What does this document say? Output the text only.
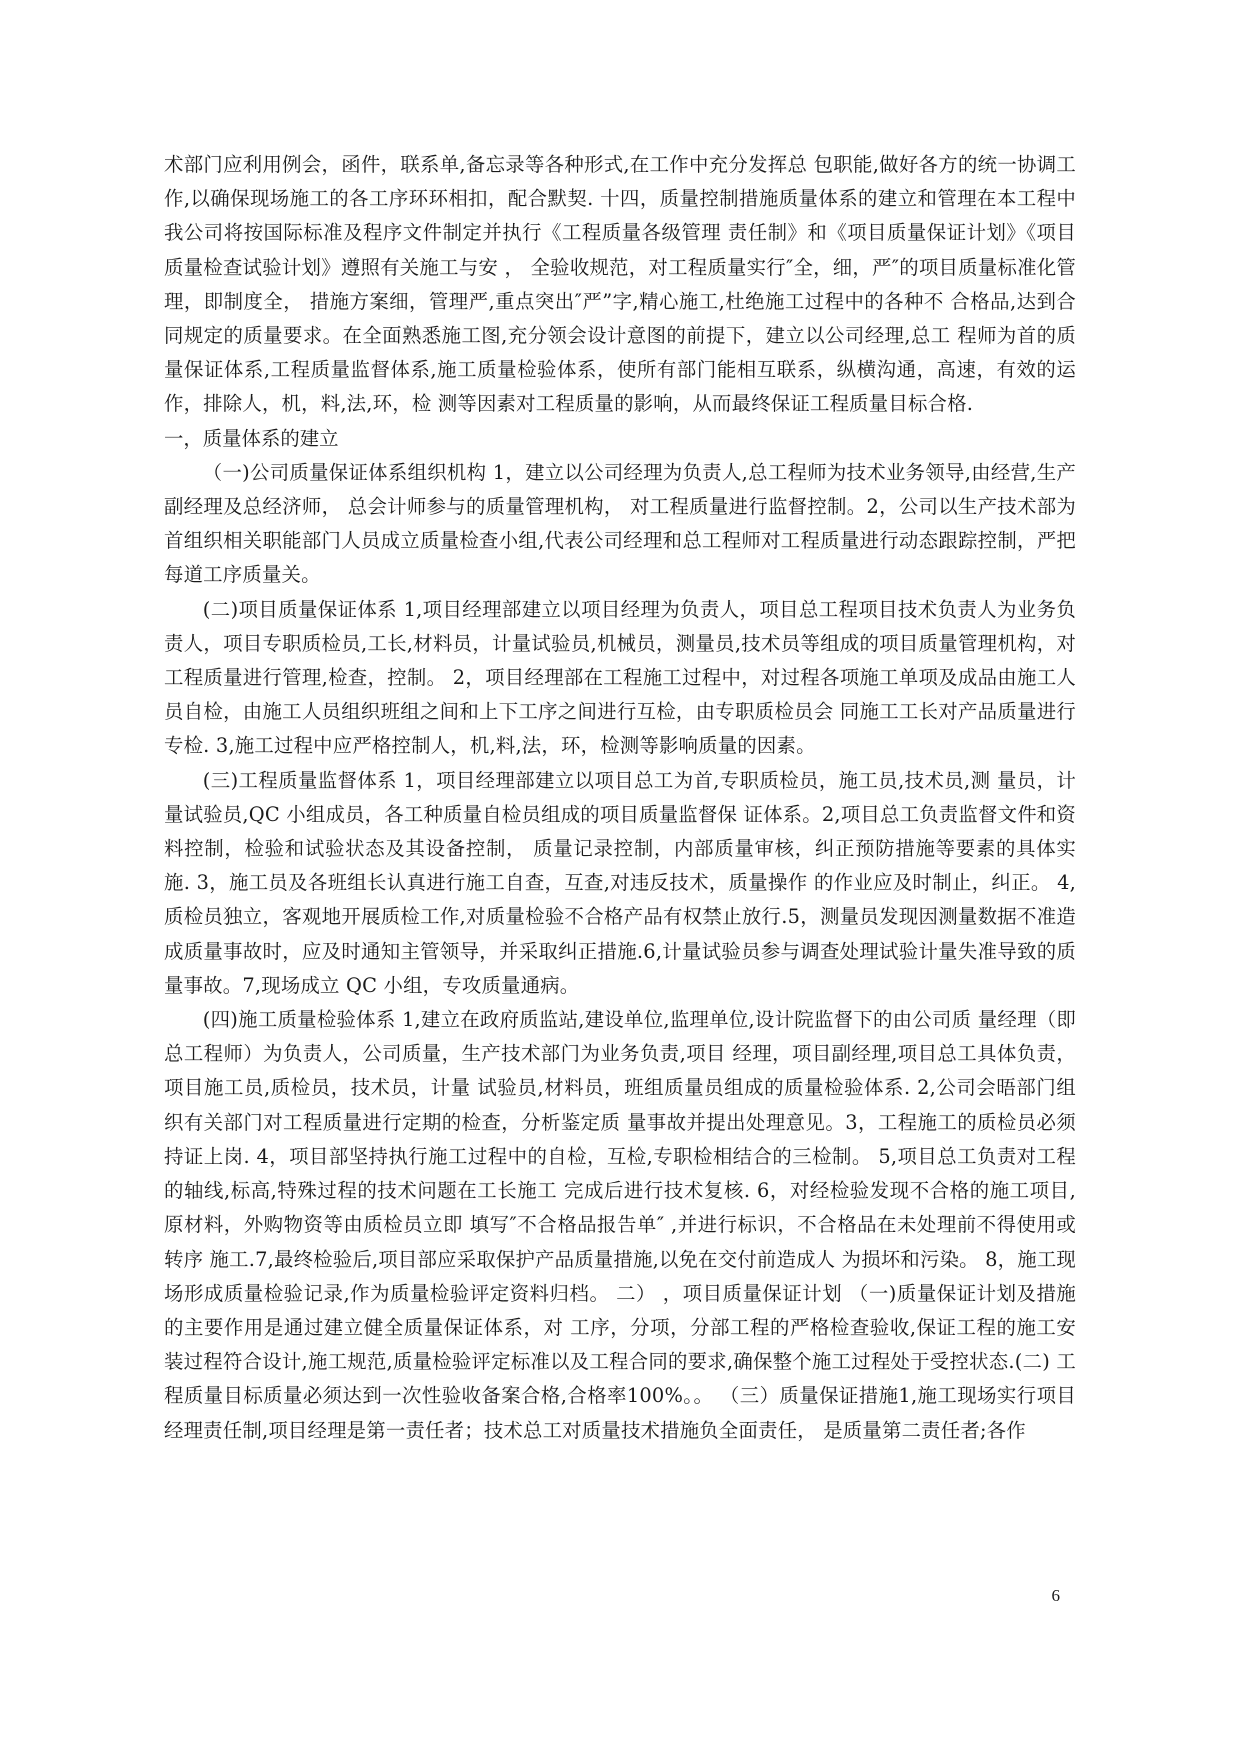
术部门应利用例会，函件，联系单,备忘录等各种形式,在工作中充分发挥总 包职能,做好各方的统一协调工作,以确保现场施工的各工序环环相扣，配合默契. 十四，质量控制措施质量体系的建立和管理在本工程中我公司将按国际标准及程序文件制定并执行《工程质量各级管理 责任制》和《项目质量保证计划》《项目质量检查试验计划》遵照有关施工与安 ， 全验收规范，对工程质量实行″全，细，严″的项目质量标准化管理，即制度全， 措施方案细，管理严,重点突出″严”字,精心施工,杜绝施工过程中的各种不 合格品,达到合同规定的质量要求。在全面熟悉施工图,充分领会设计意图的前提下，建立以公司经理,总工 程师为首的质量保证体系,工程质量监督体系,施工质量检验体系，使所有部门能相互联系，纵横沟通，高速，有效的运作，排除人，机，料,法,环，检 测等因素对工程质量的影响，从而最终保证工程质量目标合格.

一，质量体系的建立

（一)公司质量保证体系组织机构 1，建立以公司经理为负责人,总工程师为技术业务领导,由经营,生产 副经理及总经济师， 总会计师参与的质量管理机构， 对工程质量进行监督控制。2，公司以生产技术部为首组织相关职能部门人员成立质量检查小组,代表公司经理和总工程师对工程质量进行动态跟踪控制，严把每道工序质量关。

(二)项目质量保证体系 1,项目经理部建立以项目经理为负责人，项目总工程项目技术负责人为业务负责人，项目专职质检员,工长,材料员，计量试验员,机械员，测量员,技术员等组成的项目质量管理机构，对工程质量进行管理,检查，控制。 2，项目经理部在工程施工过程中，对过程各项施工单项及成品由施工人 员自检，由施工人员组织班组之间和上下工序之间进行互检，由专职质检员会 同施工工长对产品质量进行专检. 3,施工过程中应严格控制人，机,料,法，环，检测等影响质量的因素。

(三)工程质量监督体系 1，项目经理部建立以项目总工为首,专职质检员，施工员,技术员,测 量员，计量试验员,QC 小组成员，各工种质量自检员组成的项目质量监督保 证体系。2,项目总工负责监督文件和资料控制，检验和试验状态及其设备控制， 质量记录控制，内部质量审核，纠正预防措施等要素的具体实施. 3，施工员及各班组长认真进行施工自查，互查,对违反技术，质量操作 的作业应及时制止，纠正。 4,质检员独立，客观地开展质检工作,对质量检验不合格产品有权禁止放行.5，测量员发现因测量数据不准造成质量事故时，应及时通知主管领导，并采取纠正措施.6,计量试验员参与调查处理试验计量失准导致的质量事故。7,现场成立 QC 小组，专攻质量通病。

(四)施工质量检验体系 1,建立在政府质监站,建设单位,监理单位,设计院监督下的由公司质 量经理（即总工程师）为负责人，公司质量，生产技术部门为业务负责,项目 经理，项目副经理,项目总工具体负责，项目施工员,质检员，技术员，计量 试验员,材料员，班组质量员组成的质量检验体系. 2,公司会晤部门组织有关部门对工程质量进行定期的检查，分析鉴定质 量事故并提出处理意见。3，工程施工的质检员必须持证上岗. 4，项目部坚持执行施工过程中的自检，互检,专职检相结合的三检制。 5,项目总工负责对工程的轴线,标高,特殊过程的技术问题在工长施工 完成后进行技术复核. 6，对经检验发现不合格的施工项目,原材料，外购物资等由质检员立即 填写″不合格品报告单″ ,并进行标识，不合格品在未处理前不得使用或转序 施工.7,最终检验后,项目部应采取保护产品质量措施,以免在交付前造成人 为损坏和污染。 8，施工现场形成质量检验记录,作为质量检验评定资料归档。 二） ，项目质量保证计划 （一)质量保证计划及措施的主要作用是通过建立健全质量保证体系，对 工序，分项，分部工程的严格检查验收,保证工程的施工安装过程符合设计,施工规范,质量检验评定标准以及工程合同的要求,确保整个施工过程处于受控状态.(二) 工程质量目标质量必须达到一次性验收备案合格,合格率100%。。 （三）质量保证措施1,施工现场实行项目经理责任制,项目经理是第一责任者；技术总工对质量技术措施负全面责任， 是质量第二责任者;各作

6
